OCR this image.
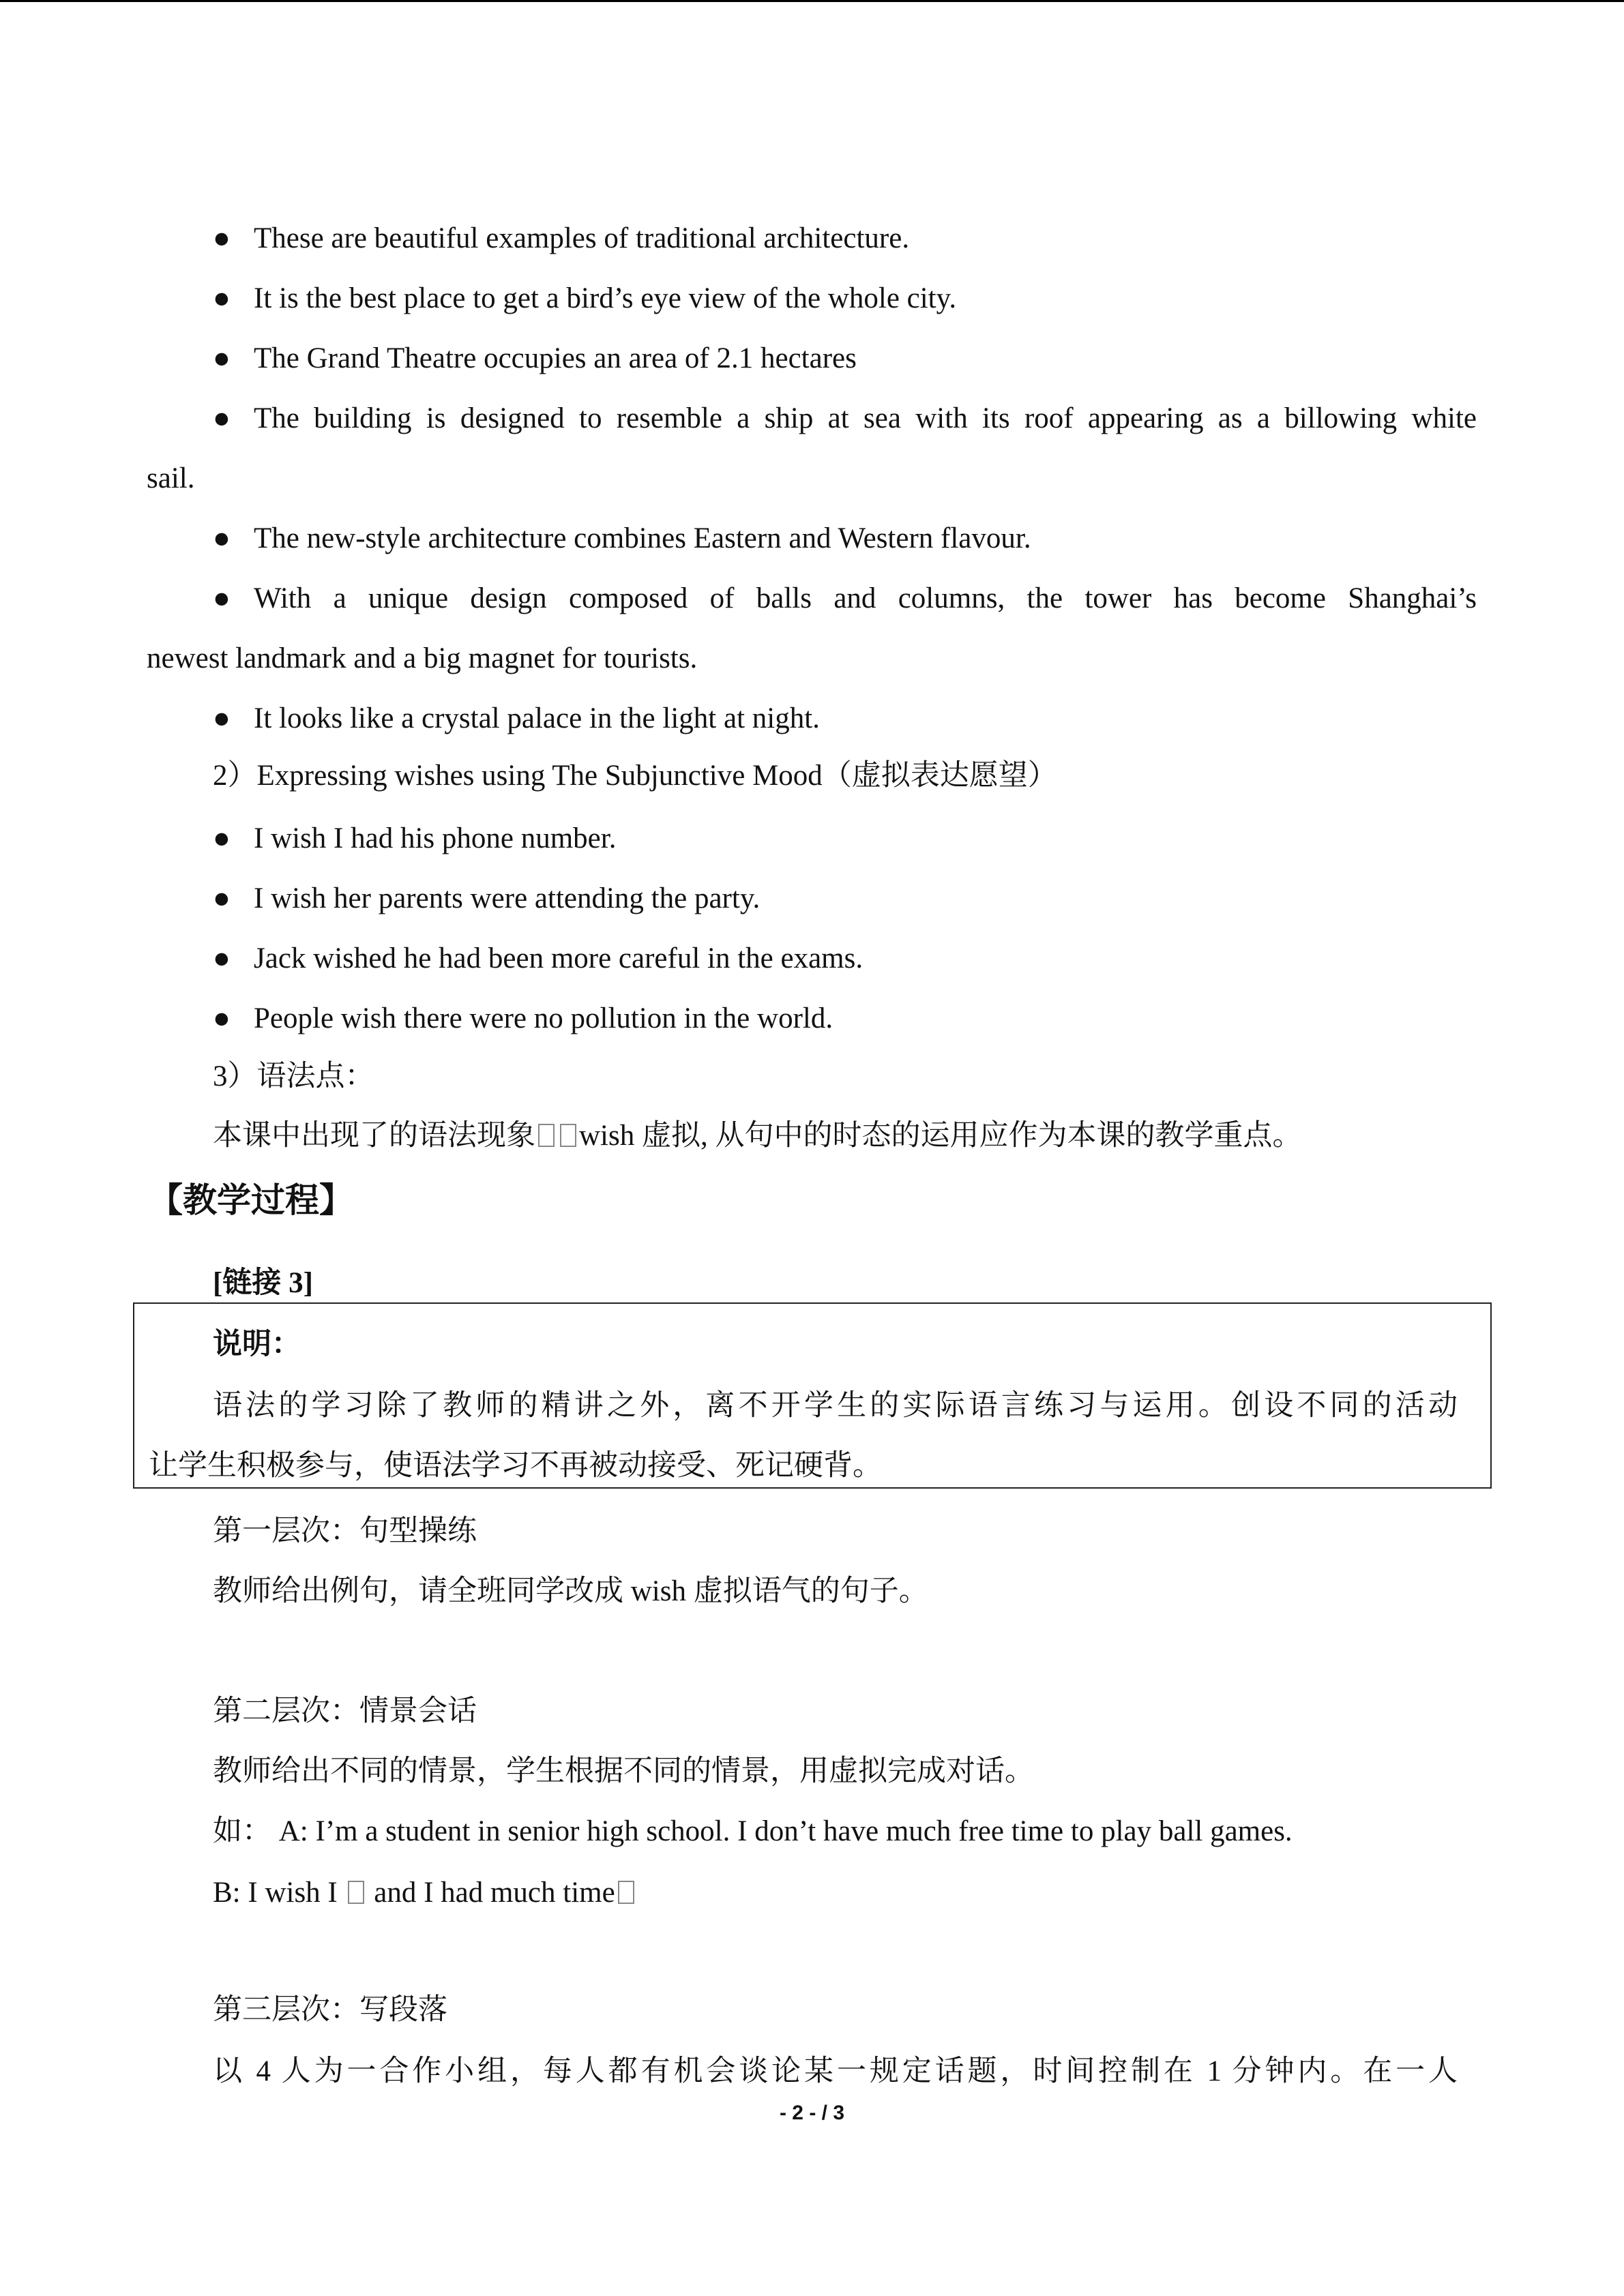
● These are beautiful examples of traditional architecture.
● It is the best place to get a bird’s eye view of the whole city.
● The Grand Theatre occupies an area of 2.1 hectares
● The building is designed to resemble a ship at sea with its roof appearing as a billowing white
sail.
● The new-style architecture combines Eastern and Western flavour.
● With a unique design composed of balls and columns, the tower has become Shanghai’s
newest landmark and a big magnet for tourists.
● It looks like a crystal palace in the light at night.
2）Expressing wishes using The Subjunctive Mood（虚拟表达愿望）
● I wish I had his phone number.
● I wish her parents were attending the party.
● Jack wished he had been more careful in the exams.
● People wish there were no pollution in the world.
3）语法点：
本课中出现了的语法现象 wish 虚拟, 从句中的时态的运用应作为本课的教学重点。
【教学过程】
[链接 3]
说明：
语法的学习除了教师的精讲之外，离不开学生的实际语言练习与运用。创设不同的活动
让学生积极参与，使语法学习不再被动接受、死记硬背。
第一层次：句型操练
教师给出例句，请全班同学改成 wish 虚拟语气的句子。
第二层次：情景会话
教师给出不同的情景，学生根据不同的情景，用虚拟完成对话。
如： A: I’m a student in senior high school. I don’t have much free time to play ball games.
B: I wish I and I had much time
第三层次：写段落
以 4 人为一合作小组，每人都有机会谈论某一规定话题，时间控制在 1 分钟内。在一人
- 2 - / 3
